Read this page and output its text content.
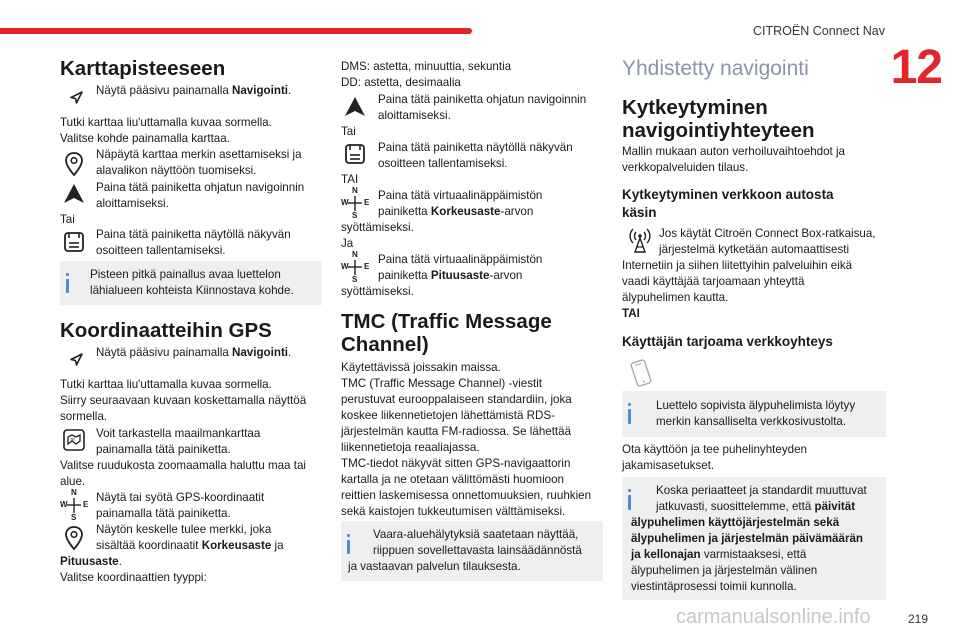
CITROËN Connect Nav
12
219
carmanualsonline.info
Karttapisteeseen
Näytä pääsivu painamalla Navigointi.
Tutki karttaa liu'uttamalla kuvaa sormella.
Valitse kohde painamalla karttaa.
Näpäytä karttaa merkin asettamiseksi ja
alavalikon näyttöön tuomiseksi.
Paina tätä painiketta ohjatun navigoinnin
aloittamiseksi.
Tai
Paina tätä painiketta näytöllä näkyvän
osoitteen tallentamiseksi.
Pisteen pitkä painallus avaa luettelon
lähialueen kohteista Kiinnostava kohde.
Koordinaatteihin GPS
Näytä pääsivu painamalla Navigointi.
Tutki karttaa liu'uttamalla kuvaa sormella.
Siirry seuraavaan kuvaan koskettamalla näyttöä
sormella.
m Voit tarkastella maailmankarttaa
painamalla tätä painiketta.
Valitse ruudukosta zoomaamalla haluttu maa tai
alue.
N
S
W E
Näytä tai syötä GPS-koordinaatit
painamalla tätä painiketta.
Näytön keskelle tulee merkki, joka
sisältää koordinaatit Korkeusaste ja
Pituusaste.
Valitse koordinaattien tyyppi:
DMS: astetta, minuuttia, sekuntia
DD: astetta, desimaalia
Paina tätä painiketta ohjatun navigoinnin
aloittamiseksi.
Tai
Paina tätä painiketta näytöllä näkyvän
osoitteen tallentamiseksi.
TAI
N
S
W E
Paina tätä virtuaalinäppäimistön
painiketta Korkeusaste-arvon
syöttämiseksi.
Ja
N
S
W E
Paina tätä virtuaalinäppäimistön
painiketta Pituusaste-arvon
syöttämiseksi.
TMC (Traffic Message
Channel)
Käytettävissä joissakin maissa.
TMC (Traffic Message Channel) -viestit
perustuvat eurooppalaiseen standardiin, joka
koskee liikennetietojen lähettämistä RDS-
järjestelmän kautta FM-radiossa. Se lähettää
liikennetietoja reaaliajassa.
TMC-tiedot näkyvät sitten GPS-navigaattorin
kartalla ja ne otetaan välittömästi huomioon
reittien laskemisessa onnettomuuksien, ruuhkien
sekä kaistojen tukkeutumisen välttämiseksi.
Vaara-aluehälytyksiä saatetaan näyttää,
riippuen sovellettavasta lainsäädännöstä
ja vastaavan palvelun tilauksesta.
Yhdistetty navigointi
Kytkeytyminen
navigointiyhteyteen
Mallin mukaan auton verhoiluvaihtoehdot ja
verkkopalveluiden tilaus.
Kytkeytyminen verkkoon autosta
käsin
Jos käytät Citroën Connect Box-ratkaisua,
järjestelmä kytketään automaattisesti
Internetiin ja siihen liitettyihin palveluihin eikä
vaadi käyttäjää tarjoamaan yhteyttä
älypuhelimen kautta.
TAI
Käyttäjän tarjoama verkkoyhteys
Luettelo sopivista älypuhelimista löytyy
merkin kansalliselta verkkosivustolta.
Ota käyttöön ja tee puhelinyhteyden
jakamisasetukset.
Koska periaatteet ja standardit muuttuvat
jatkuvasti, suosittelemme, että päivität
älypuhelimen käyttöjärjestelmän sekä
älypuhelimen ja järjestelmän päivämäärän
ja kellonajan varmistaaksesi, että
älypuhelimen ja järjestelmän välinen
viestintäprosessi toimii kunnolla.
